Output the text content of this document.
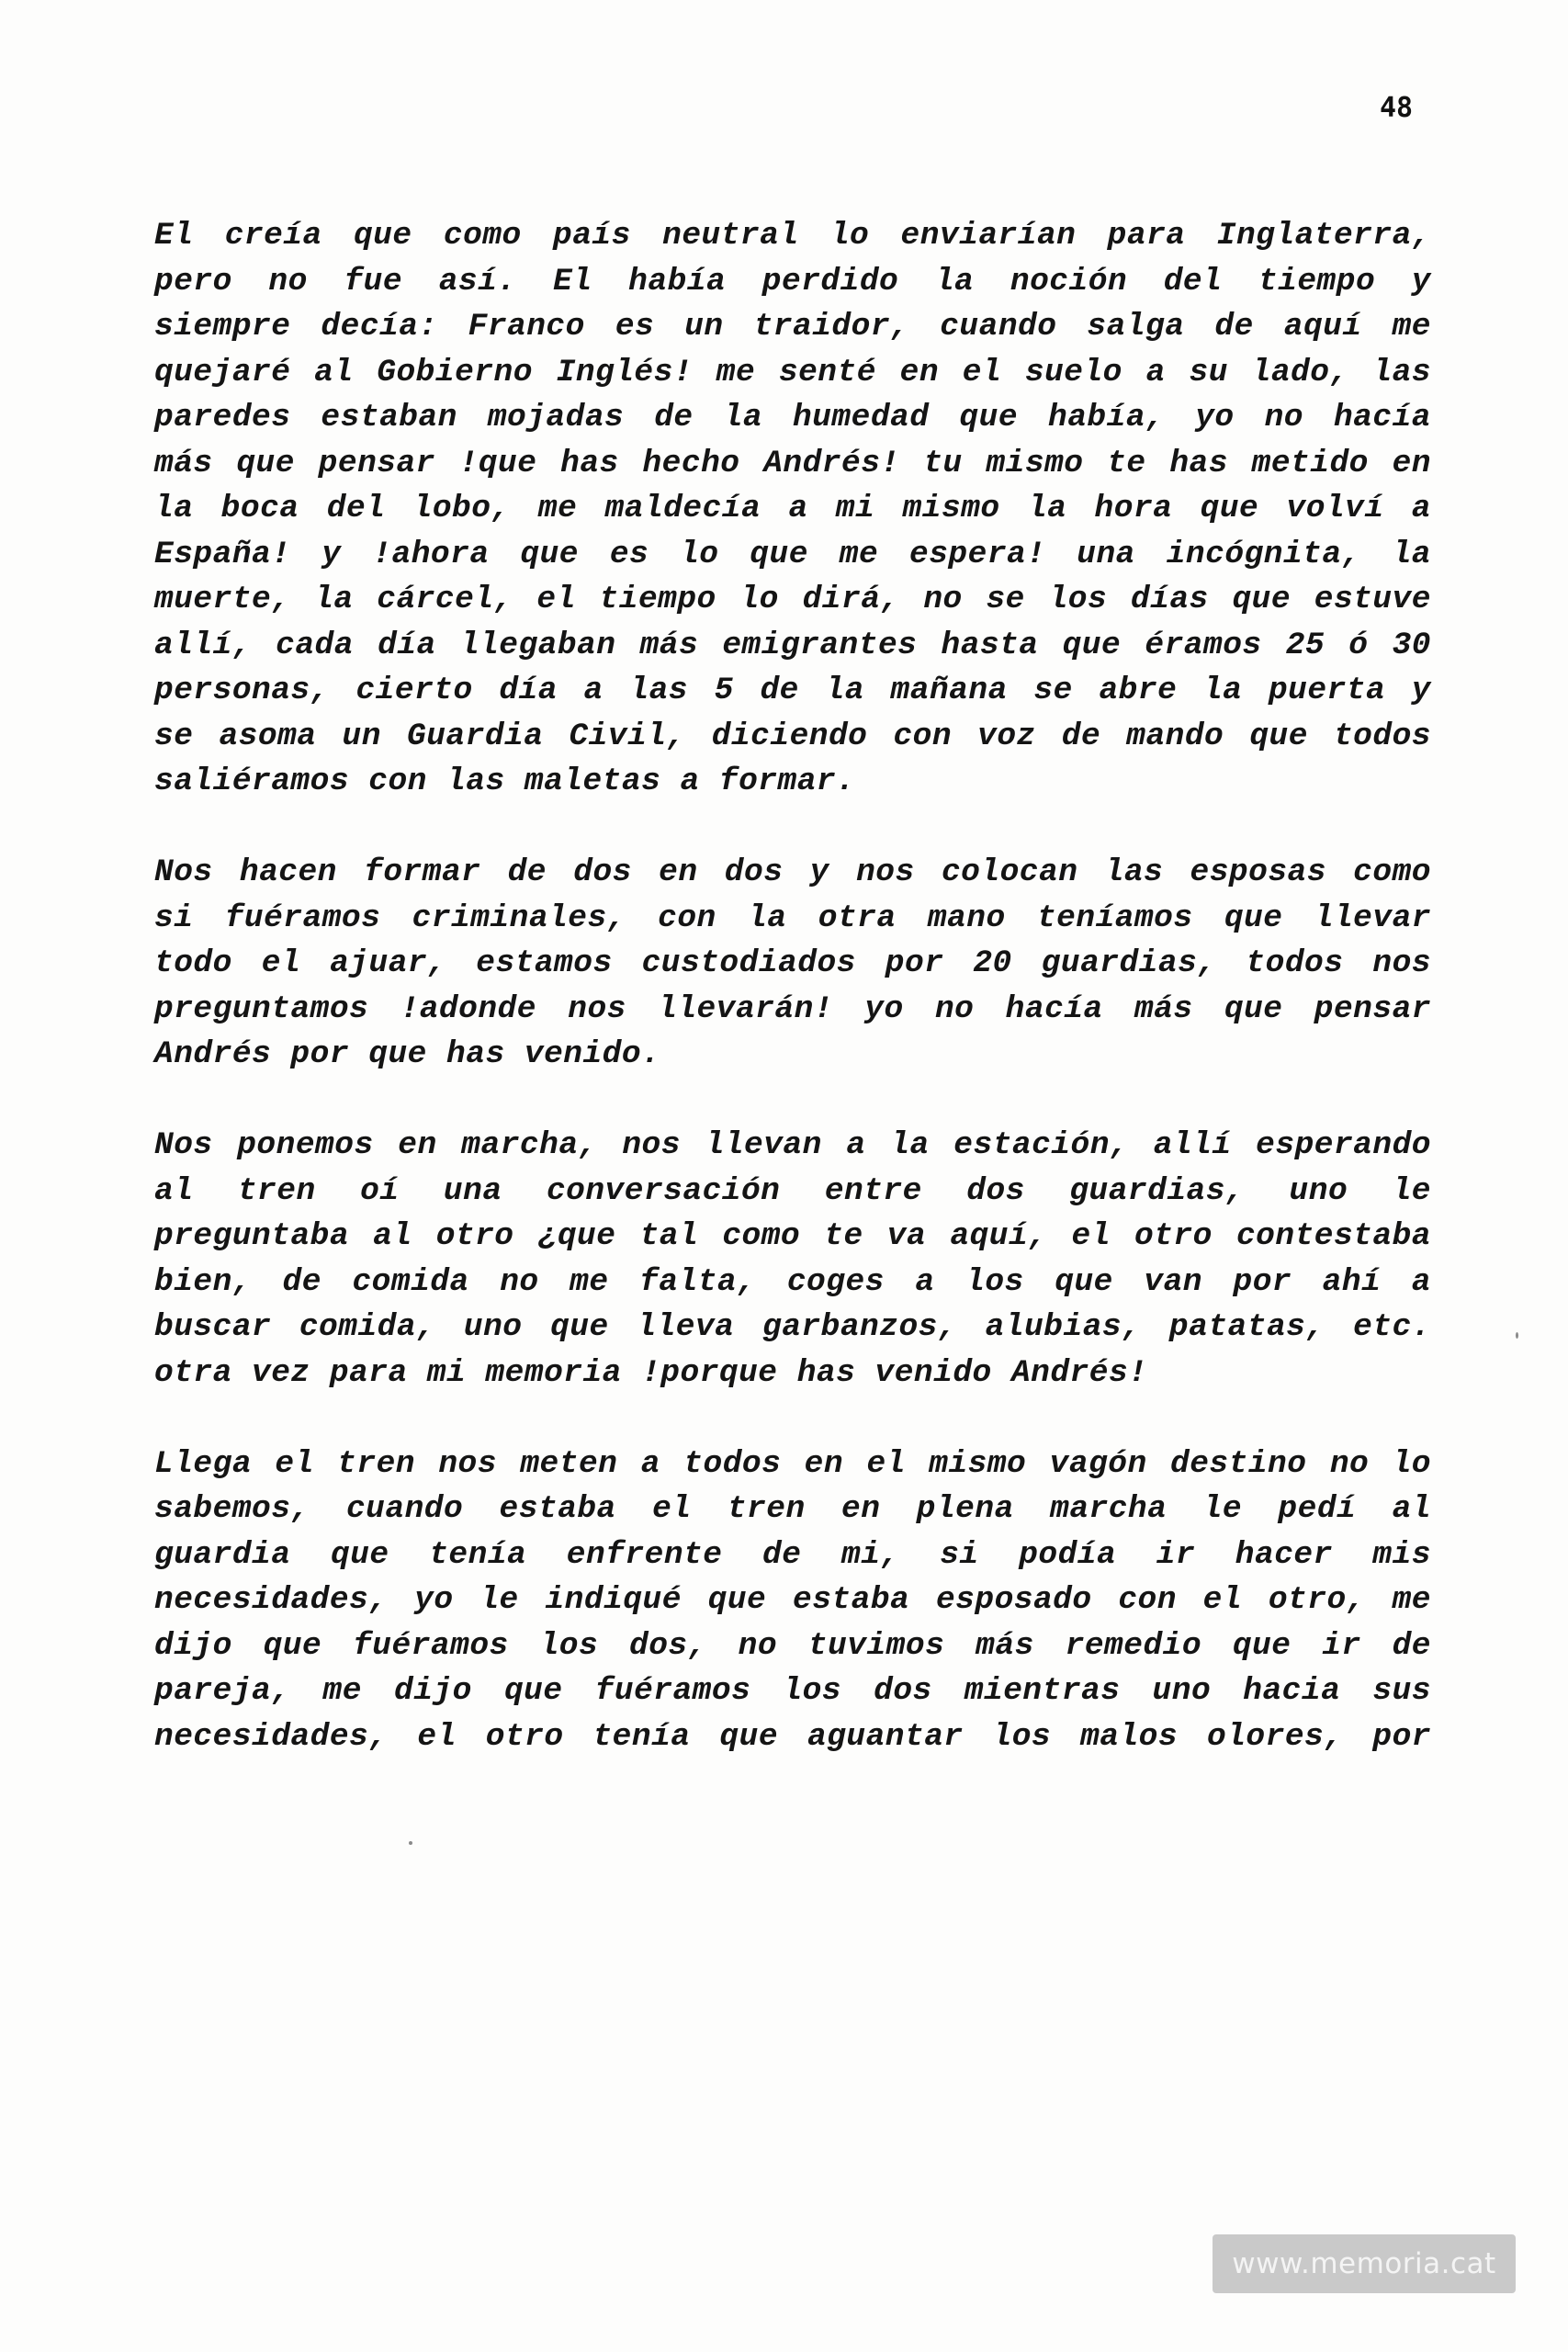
48
El creía que como país neutral lo enviarían para Inglaterra,
pero no fue así. El había perdido la noción del tiempo y
siempre decía: Franco es un traidor, cuando salga de aquí me
quejaré al Gobierno Inglés! me senté en el suelo a su lado, las
paredes estaban mojadas de la humedad que había, yo no hacía
más que pensar !que has hecho Andrés! tu mismo te has metido en
la boca del lobo, me maldecía a mi mismo la hora que volví a
España! y !ahora que es lo que me espera! una incógnita, la
muerte, la cárcel, el tiempo lo dirá, no se los días que estuve
allí, cada día llegaban más emigrantes hasta que éramos 25 ó 30
personas, cierto día a las 5 de la mañana se abre la puerta y
se asoma un Guardia Civil, diciendo con voz de mando que todos
saliéramos con las maletas a formar.
Nos hacen formar de dos en dos y nos colocan las esposas como
si fuéramos criminales, con la otra mano teníamos que llevar
todo el ajuar, estamos custodiados por 20 guardias, todos nos
preguntamos !adonde nos llevarán! yo no hacía más que pensar
Andrés por que has venido.
Nos ponemos en marcha, nos llevan a la estación, allí esperando
al tren oí una conversación entre dos guardias, uno le
preguntaba al otro ¿que tal como te va aquí, el otro contestaba
bien, de comida no me falta, coges a los que van por ahí a
buscar comida, uno que lleva garbanzos, alubias, patatas, etc.
otra vez para mi memoria !porque has venido Andrés!
Llega el tren nos meten a todos en el mismo vagón destino no lo
sabemos, cuando estaba el tren en plena marcha le pedí al
guardia que tenía enfrente de mi, si podía ir hacer mis
necesidades, yo le indiqué que estaba esposado con el otro, me
dijo que fuéramos los dos, no tuvimos más remedio que ir de
pareja, me dijo que fuéramos los dos mientras uno hacia sus
necesidades, el otro tenía que aguantar los malos olores, por
www.memoria.cat
